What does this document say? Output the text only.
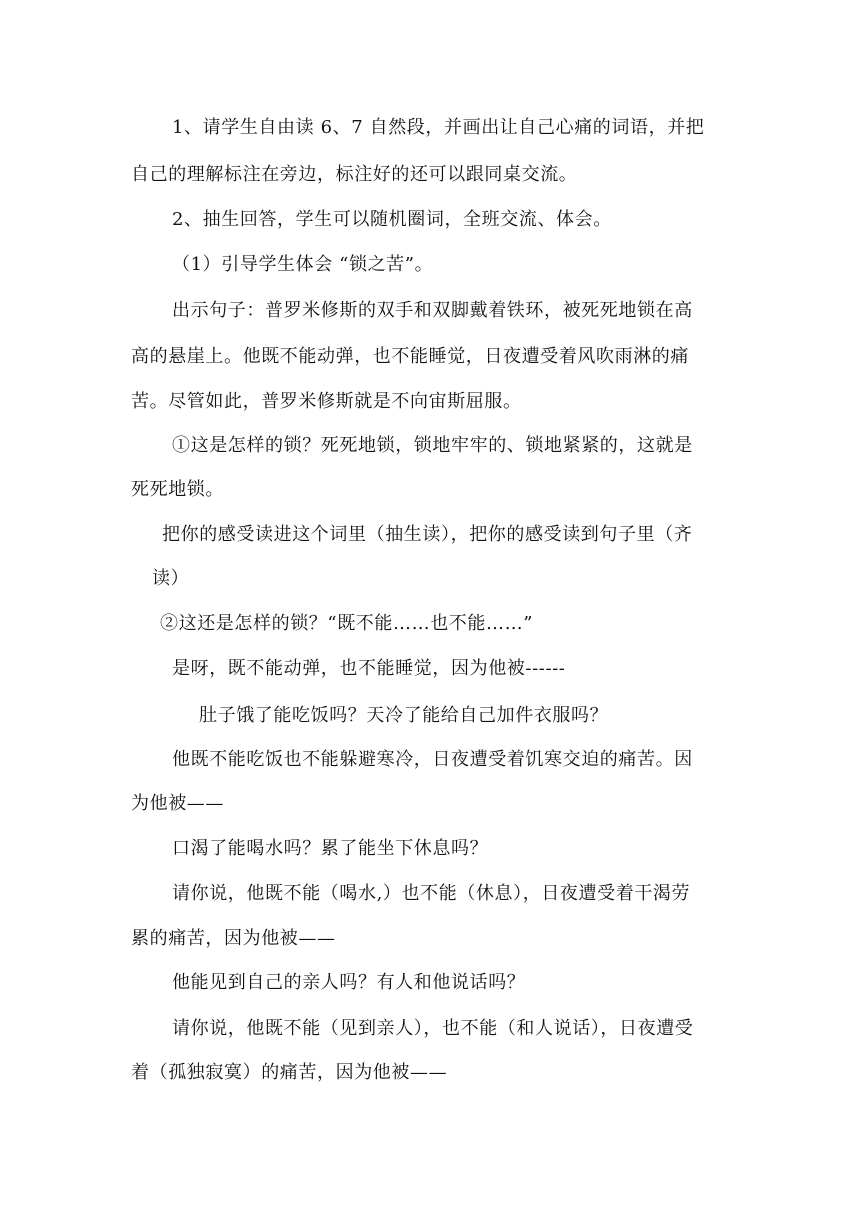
1、请学生自由读 6、7 自然段，并画出让自己心痛的词语，并把
自己的理解标注在旁边，标注好的还可以跟同桌交流。
2、抽生回答，学生可以随机圈词，全班交流、体会。
（1）引导学生体会 “锁之苦”。
出示句子：普罗米修斯的双手和双脚戴着铁环，被死死地锁在高
高的悬崖上。他既不能动弹，也不能睡觉，日夜遭受着风吹雨淋的痛
苦。尽管如此，普罗米修斯就是不向宙斯屈服。
①这是怎样的锁？死死地锁，锁地牢牢的、锁地紧紧的，这就是
死死地锁。
把你的感受读进这个词里（抽生读），把你的感受读到句子里（齐
读）
②这还是怎样的锁？“既不能……也不能……”
是呀，既不能动弹，也不能睡觉，因为他被------
肚子饿了能吃饭吗？天冷了能给自己加件衣服吗？
他既不能吃饭也不能躲避寒冷，日夜遭受着饥寒交迫的痛苦。因
为他被——
口渴了能喝水吗？累了能坐下休息吗？
请你说，他既不能（喝水,）也不能（休息），日夜遭受着干渴劳
累的痛苦，因为他被——
他能见到自己的亲人吗？有人和他说话吗？
请你说，他既不能（见到亲人），也不能（和人说话），日夜遭受
着（孤独寂寞）的痛苦，因为他被——
